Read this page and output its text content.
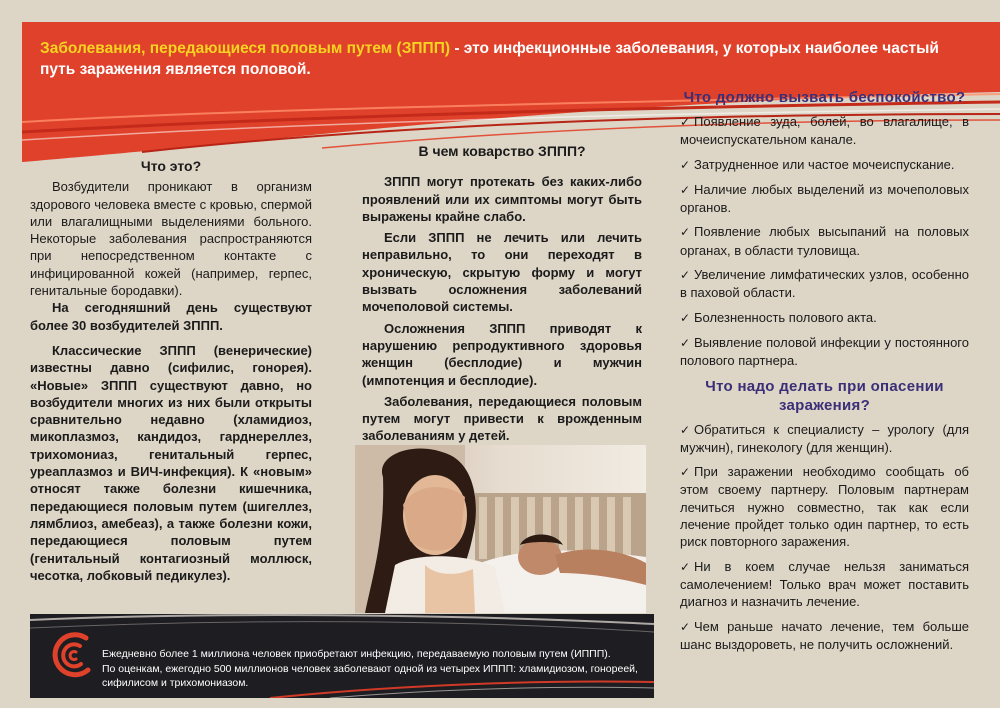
Заболевания, передающиеся половым путем (ЗППП) - это инфекционные заболевания, у которых наиболее частый путь заражения является половой.
Что это?

Возбудители проникают в организм здорового человека вместе с кровью, спермой или влагалищными выделениями больного. Некоторые заболевания распространяются при непосредственном контакте с инфицированной кожей (например, герпес, генитальные бородавки).

На сегодняшний день существуют более 30 возбудителей ЗППП.

Классические ЗППП (венерические) известны давно (сифилис, гонорея). «Новые» ЗППП существуют давно, но возбудители многих из них были открыты сравнительно недавно (хламидиоз, микоплазмоз, кандидоз, гарднереллез, трихомониаз, генитальный герпес, уреаплазмоз и ВИЧ-инфекция). К «новым» относят также болезни кишечника, передающиеся половым путем (шигеллез, лямблиоз, амебеаз), а также болезни кожи, передающиеся половым путем (генитальный контагиозный моллюск, чесотка, лобковый педикулез).

В чем коварство ЗППП?

ЗППП могут протекать без каких-либо проявлений или их симптомы могут быть выражены крайне слабо.

Если ЗППП не лечить или лечить неправильно, то они переходят в хроническую, скрытую форму и могут вызвать осложнения заболеваний мочеполовой системы.

Осложнения ЗППП приводят к нарушению репродуктивного здоровья женщин (бесплодие) и мужчин (импотенция и бесплодие).

Заболевания, передающиеся половым путем могут привести к врожденным заболеваниям у детей.

Что должно вызвать беспокойство?
✓ Появление зуда, болей, во влагалище, в мочеиспускательном канале.
✓ Затрудненное или частое мочеиспускание.
✓ Наличие любых выделений из мочеполовых органов.
✓ Появление любых высыпаний на половых органах, в области туловища.
✓ Увеличение лимфатических узлов, особенно в паховой области.
✓ Болезненность полового акта.
✓ Выявление половой инфекции у постоянного полового партнера.
Что надо делать при опасении заражения?
✓ Обратиться к специалисту – урологу (для мужчин), гинекологу (для женщин).
✓ При заражении необходимо сообщать об этом своему партнеру. Половым партнерам лечиться нужно совместно, так как если лечение пройдет только один партнер, то есть риск повторного заражения.
✓ Ни в коем случае нельзя заниматься самолечением! Только врач может поставить диагноз и назначить лечение.
✓ Чем раньше начато лечение, тем больше шанс выздороветь, не получить осложнений.
Ежедневно более 1 миллиона человек приобретают инфекцию, передаваемую половым путем (ИППП).
По оценкам, ежегодно 500 миллионов человек заболевают одной из четырех ИППП: хламидиозом, гонореей, сифилисом и трихомониазом.
